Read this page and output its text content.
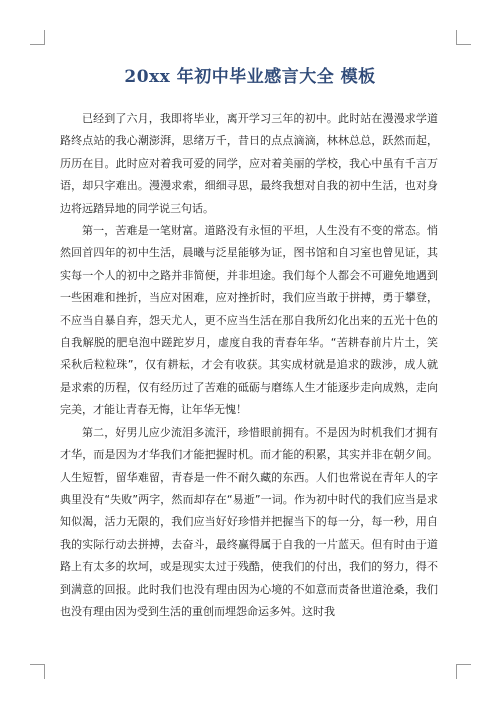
20xx 年初中毕业感言大全 模板

已经到了六月，我即将毕业，离开学习三年的初中。此时站在漫漫求学道路终点站的我心潮澎湃，思绪万千，昔日的点点滴滴，林林总总，跃然而起，历历在目。此时应对着我可爱的同学，应对着美丽的学校，我心中虽有千言万语，却只字难出。漫漫求索，细细寻思，最终我想对自我的初中生活，也对身边将远踏异地的同学说三句话。

第一，苦难是一笔财富。道路没有永恒的平坦，人生没有不变的常态。悄然回首四年的初中生活，晨曦与泛星能够为证，图书馆和自习室也曾见证，其实每一个人的初中之路并非简便，并非坦途。我们每个人都会不可避免地遇到一些困难和挫折，当应对困难，应对挫折时，我们应当敢于拼搏，勇于攀登，不应当自暴自弃，怨天尤人，更不应当生活在那自我所幻化出来的五光十色的自我解脱的肥皂泡中蹉跎岁月，虚度自我的青春年华。“苦耕春前片片土，笑采秋后粒粒珠”，仅有耕耘，才会有收获。其实成材就是追求的跋涉，成人就是求索的历程，仅有经历过了苦难的砥砺与磨练人生才能逐步走向成熟，走向完美，才能让青春无悔，让年华无愧！

第二，好男儿应少流泪多流汗，珍惜眼前拥有。不是因为时机我们才拥有才华，而是因为才华我们才能把握时机。而才能的积累，其实并非在朝夕间。人生短暂，留华难留，青春是一件不耐久藏的东西。人们也常说在青年人的字典里没有“失败”两字，然而却存在“易逝”一词。作为初中时代的我们应当是求知似渴，活力无限的，我们应当好好珍惜并把握当下的每一分，每一秒，用自我的实际行动去拼搏，去奋斗，最终赢得属于自我的一片蓝天。但有时由于道路上有太多的坎坷，或是现实太过于残酷，使我们的付出，我们的努力，得不到满意的回报。此时我们也没有理由因为心境的不如意而责备世道沧桑，我们也没有理由因为受到生活的重创而埋怨命运多舛。这时我
